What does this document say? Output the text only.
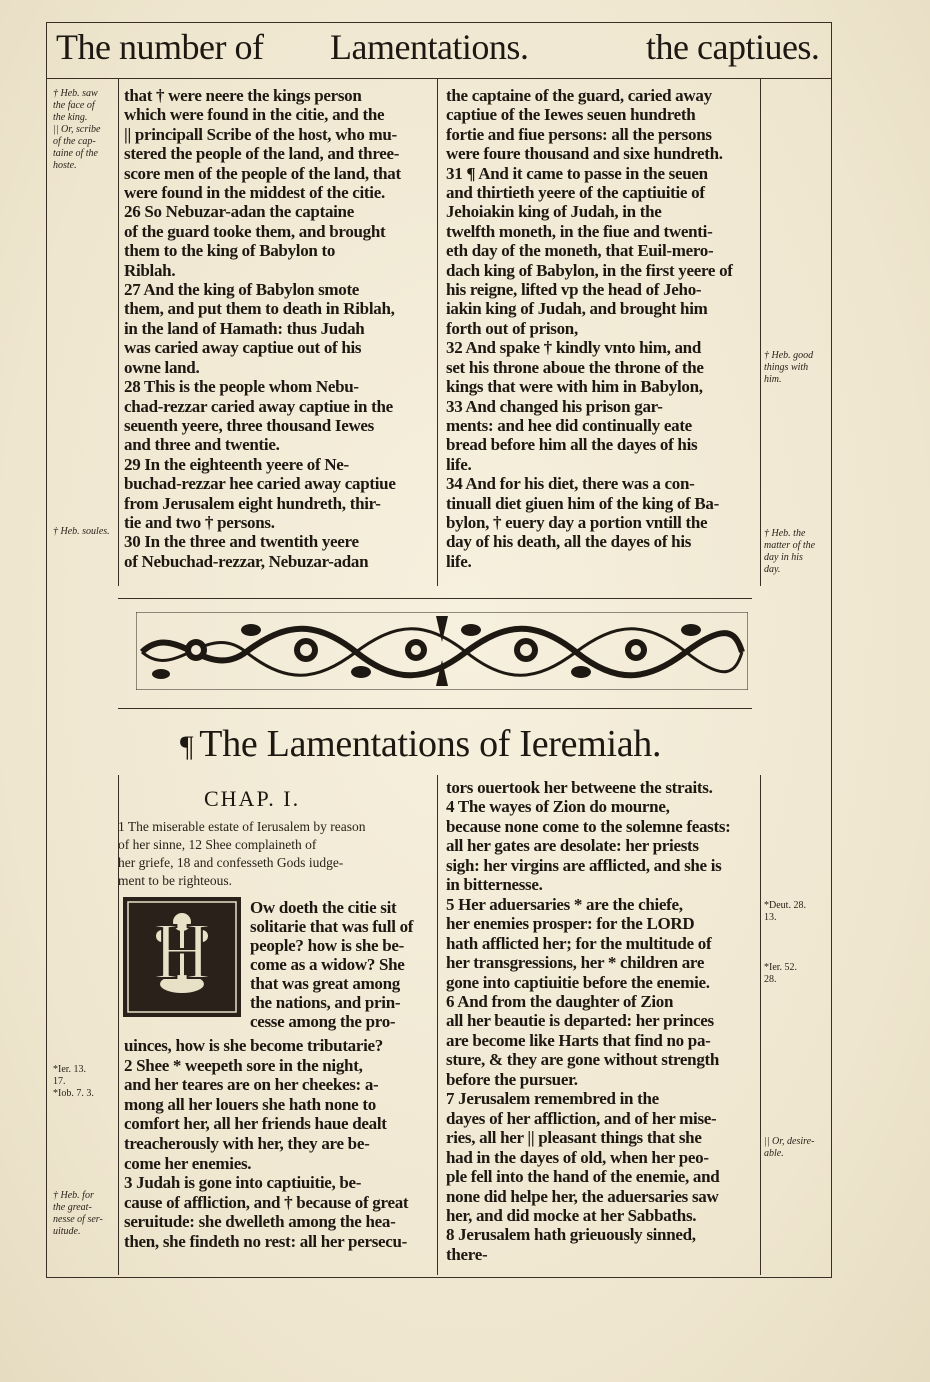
The number of Lamentations.	the captiues.

† Heb. saw

the face of

the king.

|| Or, scribe

of the cap-

taine of the

hoste.

† Heb. soules.

† Heb. good

things with

him.

† Heb. the

matter of the

day in his

day.

*Ier. 13.

17.

*Iob. 7. 3.

† Heb. for

the great-

nesse of ser-

uitude.

*Deut. 28.

13.

*Ier. 52.

28.

|| Or, desire-

able.

that † were neere the kings person

which were found in the citie, and the

|| principall Scribe of the host, who mu-

stered the people of the land, and three-

score men of the people of the land, that

were found in the middest of the citie.

26 So Nebuzar-adan the captaine

of the guard tooke them, and brought

them to the king of Babylon to

Riblah.

27 And the king of Babylon smote

them, and put them to death in Riblah,

in the land of Hamath: thus Judah

was caried away captiue out of his

owne land.

28 This is the people whom Nebu-

chad-rezzar caried away captiue in the

seuenth yeere, three thousand Iewes

and three and twentie.

29 In the eighteenth yeere of Ne-

buchad-rezzar hee caried away captiue

from Jerusalem eight hundreth, thir-

tie and two † persons.

30 In the three and twentith yeere

of Nebuchad-rezzar, Nebuzar-adan

the captaine of the guard, caried away

captiue of the Iewes seuen hundreth

fortie and fiue persons: all the persons

were foure thousand and sixe hundreth.

31 ¶ And it came to passe in the seuen

and thirtieth yeere of the captiuitie of

Jehoiakin king of Judah, in the

twelfth moneth, in the fiue and twenti-

eth day of the moneth, that Euil-mero-

dach king of Babylon, in the first yeere of

his reigne, lifted vp the head of Jeho-

iakin king of Judah, and brought him

forth out of prison,

32 And spake † kindly vnto him, and

set his throne aboue the throne of the

kings that were with him in Babylon,

33 And changed his prison gar-

ments: and hee did continually eate

bread before him all the dayes of his

life.

34 And for his diet, there was a con-

tinuall diet giuen him of the king of Ba-

bylon, † euery day a portion vntill the

day of his death, all the dayes of his

life.

¶ The Lamentations of Ieremiah.
CHAP. I.

1 The miserable estate of Ierusalem by reason

of her sinne, 12 Shee complaineth of

her griefe, 18 and confesseth Gods iudge-

ment to be righteous.

H

Ow doeth the citie sit

solitarie that was full of

people? how is she be-

come as a widow? She

that was great among

the nations, and prin-

cesse among the pro-

uinces, how is she become tributarie?

2 Shee * weepeth sore in the night,

and her teares are on her cheekes: a-

mong all her louers she hath none to

comfort her, all her friends haue dealt

treacherously with her, they are be-

come her enemies.

3 Judah is gone into captiuitie, be-

cause of affliction, and † because of great

seruitude: she dwelleth among the hea-

then, she findeth no rest: all her persecu-

tors ouertook her betweene the straits.

4 The wayes of Zion do mourne,

because none come to the solemne feasts:

all her gates are desolate: her priests

sigh: her virgins are afflicted, and she is

in bitternesse.

5 Her aduersaries * are the chiefe,

her enemies prosper: for the LORD

hath afflicted her; for the multitude of

her transgressions, her * children are

gone into captiuitie before the enemie.

6 And from the daughter of Zion

all her beautie is departed: her princes

are become like Harts that find no pa-

sture, & they are gone without strength

before the pursuer.

7 Jerusalem remembred in the

dayes of her affliction, and of her mise-

ries, all her || pleasant things that she

had in the dayes of old, when her peo-

ple fell into the hand of the enemie, and

none did helpe her, the aduersaries saw

her, and did mocke at her Sabbaths.

8 Jerusalem hath grieuously sinned,

there-
